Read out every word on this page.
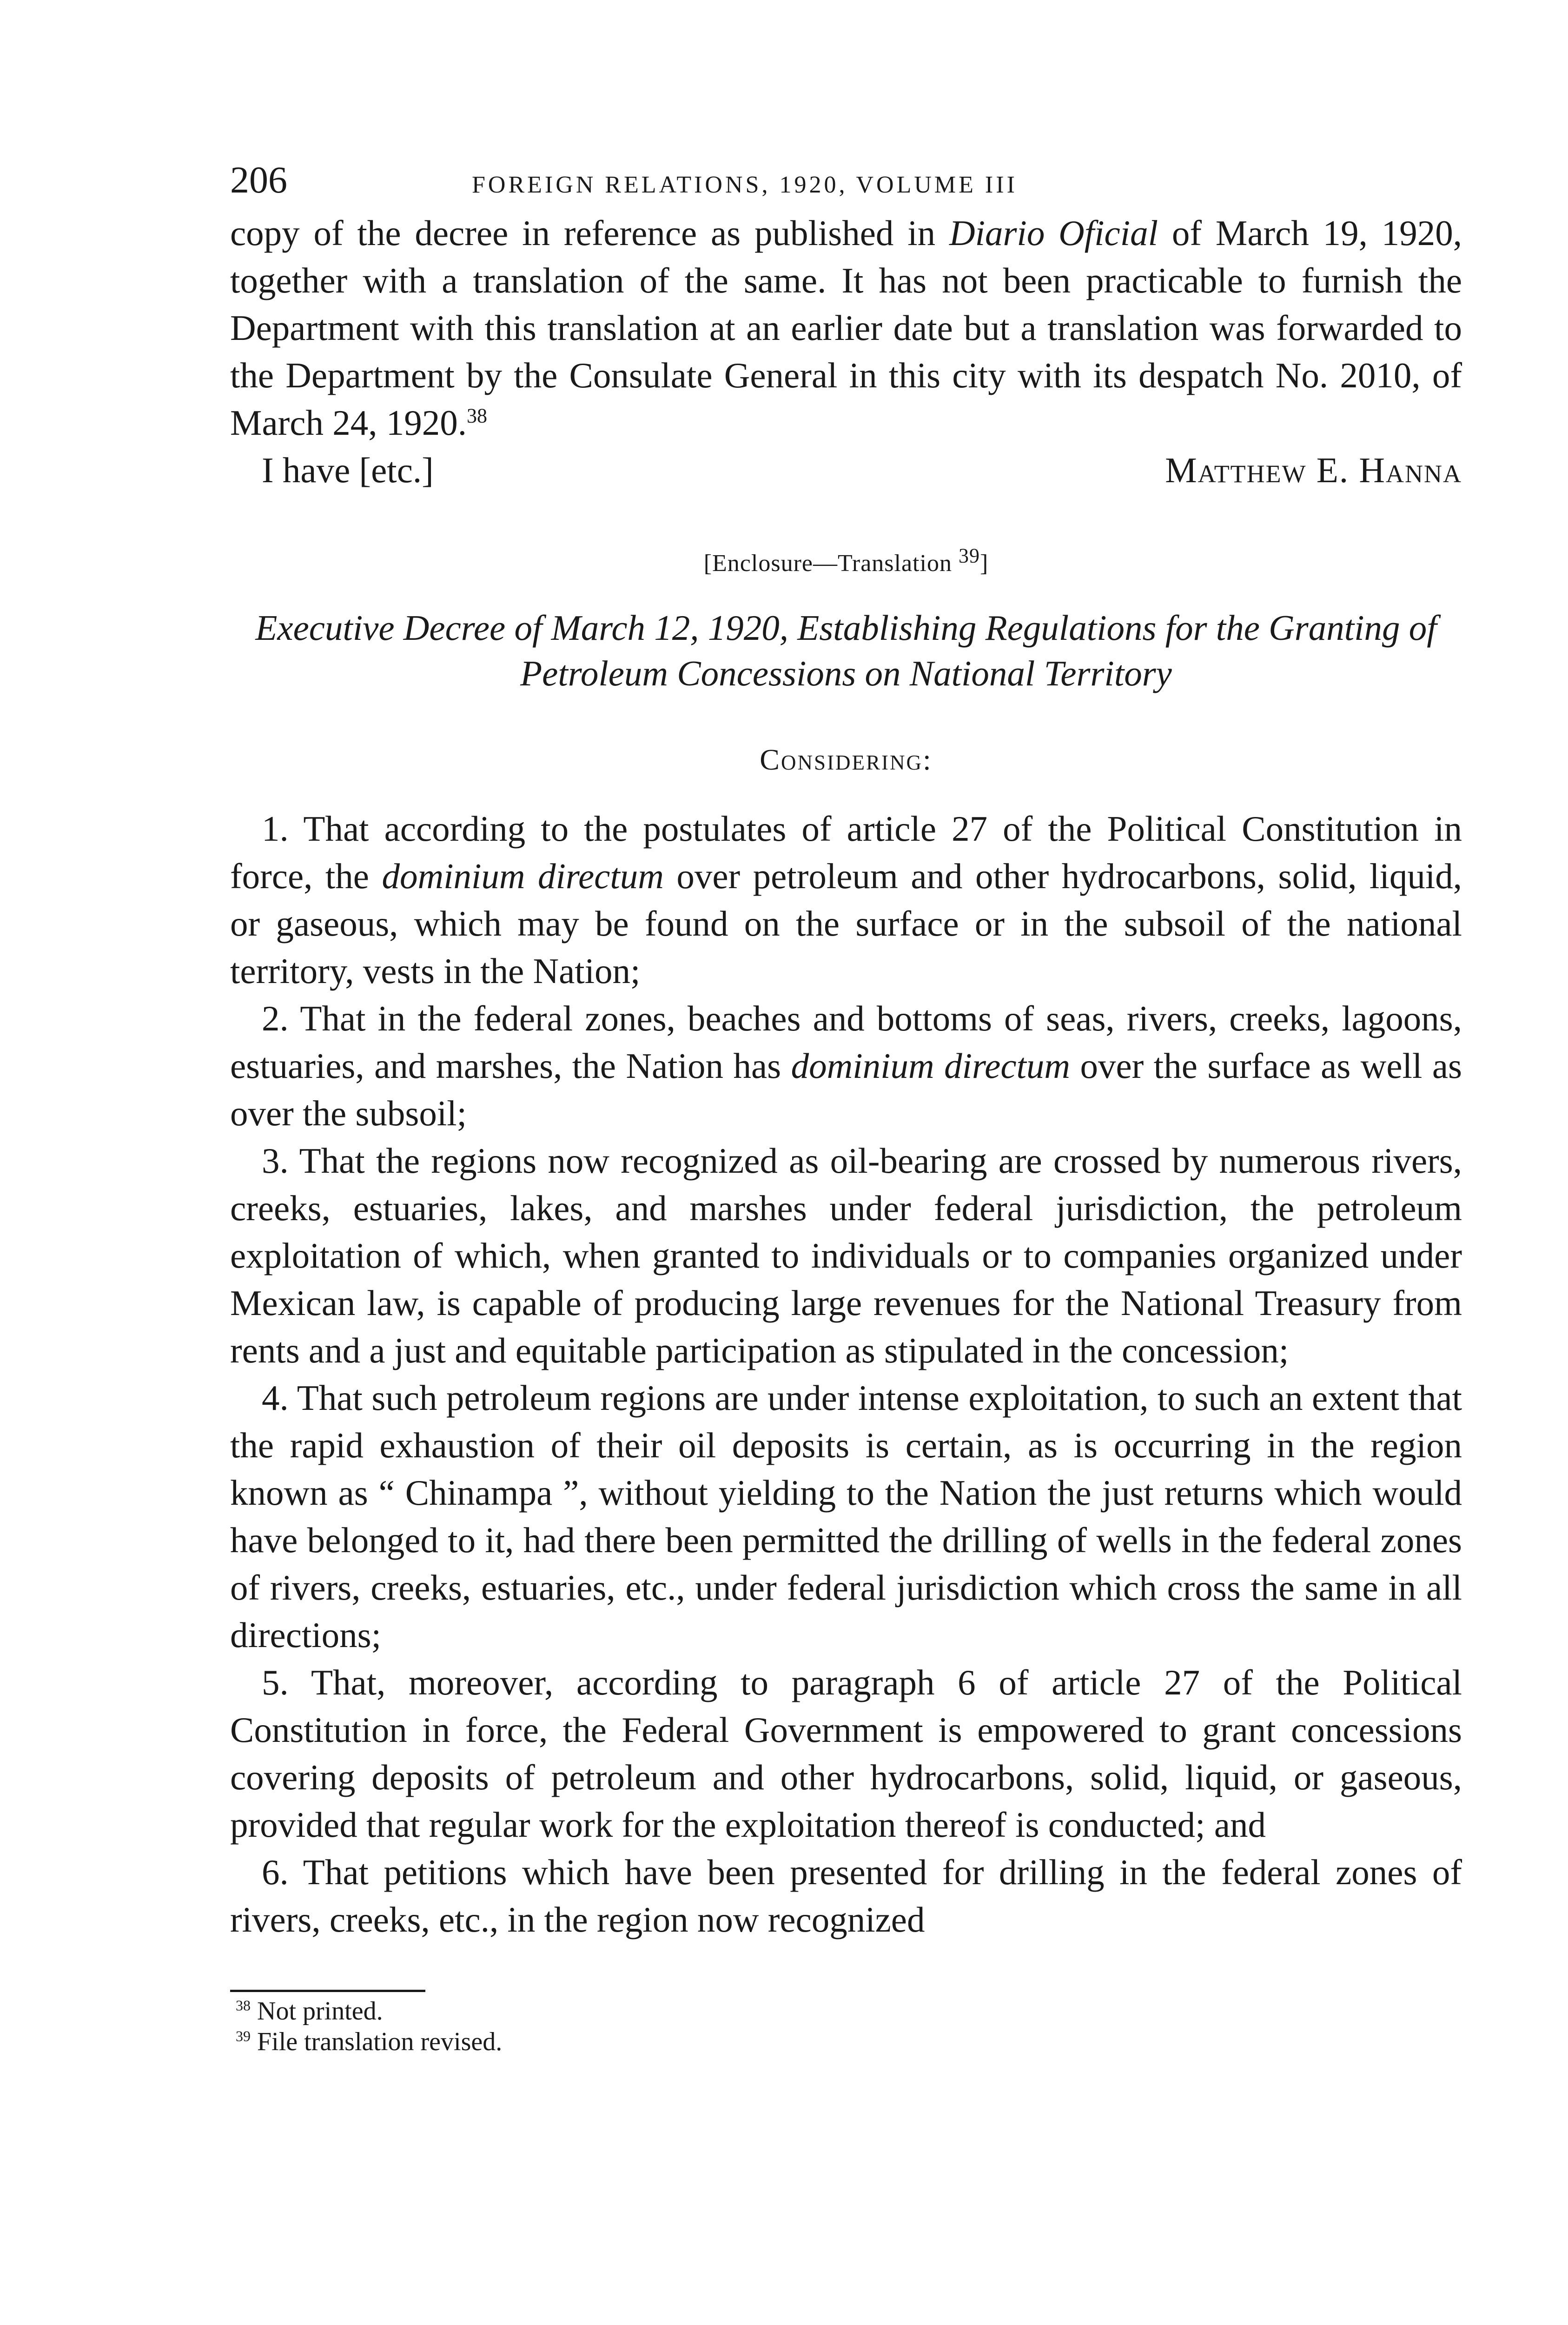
206	FOREIGN RELATIONS, 1920, VOLUME III

copy of the decree in reference as published in Diario Oficial of March 19, 1920, together with a translation of the same. It has not been practicable to furnish the Department with this translation at an earlier date but a translation was forwarded to the Department by the Consulate General in this city with its despatch No. 2010, of March 24, 1920.38

I have [etc.]	Matthew E. Hanna
[Enclosure—Translation $^{39}$]
Executive Decree of March 12, 1920, Establishing Regulations for the Granting of Petroleum Concessions on National Territory
Considering:

1. That according to the postulates of article 27 of the Political Constitution in force, the dominium directum over petroleum and other hydrocarbons, solid, liquid, or gaseous, which may be found on the surface or in the subsoil of the national territory, vests in the Nation;

2. That in the federal zones, beaches and bottoms of seas, rivers, creeks, lagoons, estuaries, and marshes, the Nation has dominium directum over the surface as well as over the subsoil;

3. That the regions now recognized as oil-bearing are crossed by numerous rivers, creeks, estuaries, lakes, and marshes under federal jurisdiction, the petroleum exploitation of which, when granted to individuals or to companies organized under Mexican law, is capable of producing large revenues for the National Treasury from rents and a just and equitable participation as stipulated in the concession;

4. That such petroleum regions are under intense exploitation, to such an extent that the rapid exhaustion of their oil deposits is certain, as is occurring in the region known as “ Chinampa ”, without yielding to the Nation the just returns which would have belonged to it, had there been permitted the drilling of wells in the federal zones of rivers, creeks, estuaries, etc., under federal jurisdiction which cross the same in all directions;

5. That, moreover, according to paragraph 6 of article 27 of the Political Constitution in force, the Federal Government is empowered to grant concessions covering deposits of petroleum and other hydrocarbons, solid, liquid, or gaseous, provided that regular work for the exploitation thereof is conducted; and

6. That petitions which have been presented for drilling in the federal zones of rivers, creeks, etc., in the region now recognized

$^{38}$ Not printed.
$^{39}$ File translation revised.
